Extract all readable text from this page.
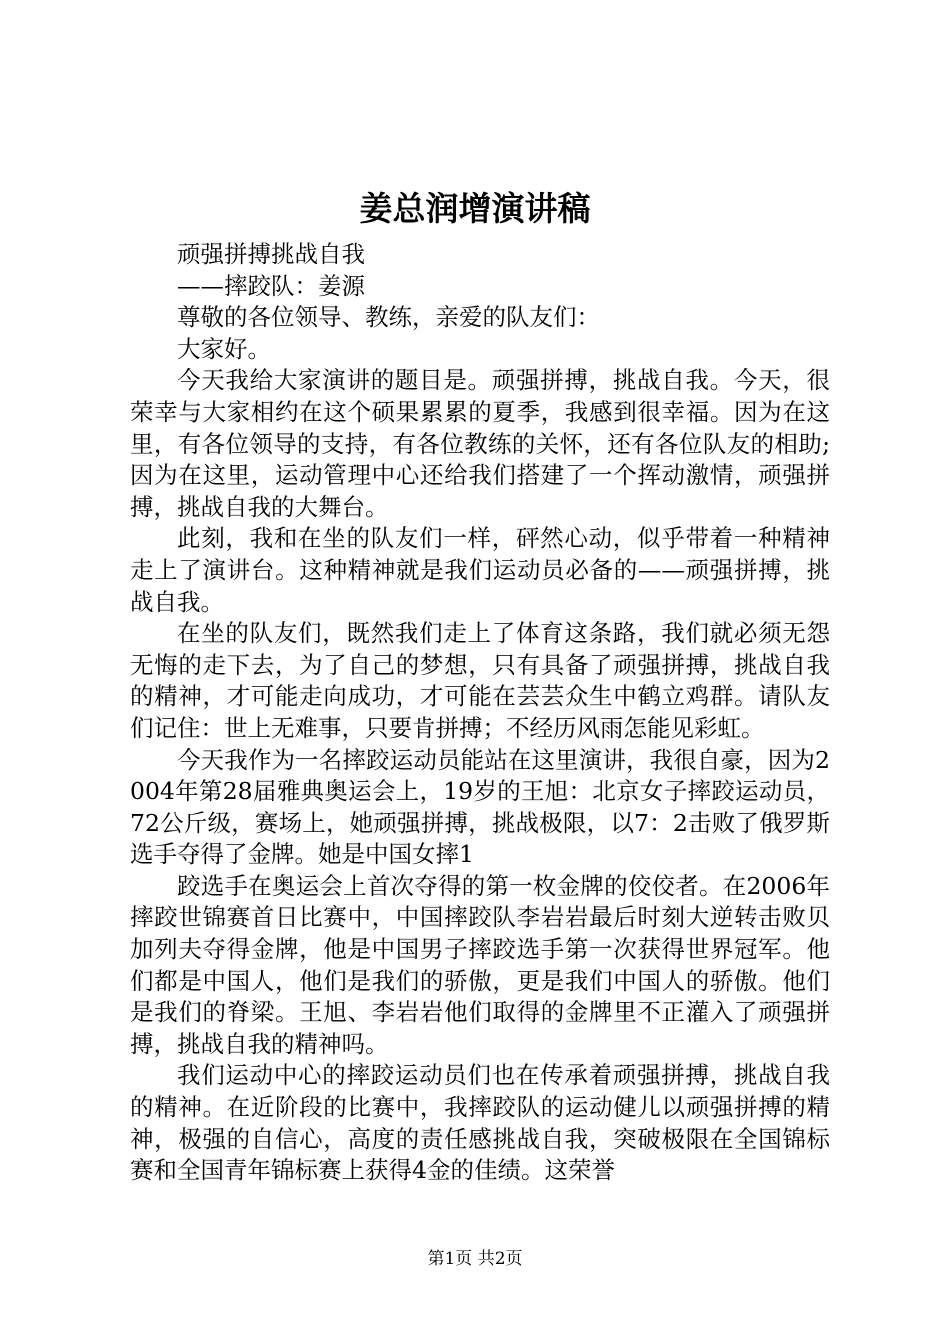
姜总润增演讲稿

顽强拼搏挑战自我

——摔跤队：姜源

尊敬的各位领导、教练，亲爱的队友们：

大家好。

今天我给大家演讲的题目是。顽强拼搏，挑战自我。今天，很荣幸与大家相约在这个硕果累累的夏季，我感到很幸福。因为在这里，有各位领导的支持，有各位教练的关怀，还有各位队友的相助;因为在这里，运动管理中心还给我们搭建了一个挥动激情，顽强拼搏，挑战自我的大舞台。

此刻，我和在坐的队友们一样，砰然心动，似乎带着一种精神走上了演讲台。这种精神就是我们运动员必备的——顽强拼搏，挑战自我。

在坐的队友们，既然我们走上了体育这条路，我们就必须无怨无悔的走下去，为了自己的梦想，只有具备了顽强拼搏，挑战自我的精神，才可能走向成功，才可能在芸芸众生中鹤立鸡群。请队友们记住：世上无难事，只要肯拼搏；不经历风雨怎能见彩虹。

今天我作为一名摔跤运动员能站在这里演讲，我很自豪，因为2004年第28届雅典奥运会上，19岁的王旭：北京女子摔跤运动员，72公斤级，赛场上，她顽强拼搏，挑战极限，以7：2击败了俄罗斯选手夺得了金牌。她是中国女摔1

跤选手在奥运会上首次夺得的第一枚金牌的佼佼者。在2006年摔跤世锦赛首日比赛中，中国摔跤队李岩岩最后时刻大逆转击败贝加列夫夺得金牌，他是中国男子摔跤选手第一次获得世界冠军。他们都是中国人，他们是我们的骄傲，更是我们中国人的骄傲。他们是我们的脊梁。王旭、李岩岩他们取得的金牌里不正灌入了顽强拼搏，挑战自我的精神吗。

我们运动中心的摔跤运动员们也在传承着顽强拼搏，挑战自我的精神。在近阶段的比赛中，我摔跤队的运动健儿以顽强拼搏的精神，极强的自信心，高度的责任感挑战自我，突破极限在全国锦标赛和全国青年锦标赛上获得4金的佳绩。这荣誉

第1页 共2页
